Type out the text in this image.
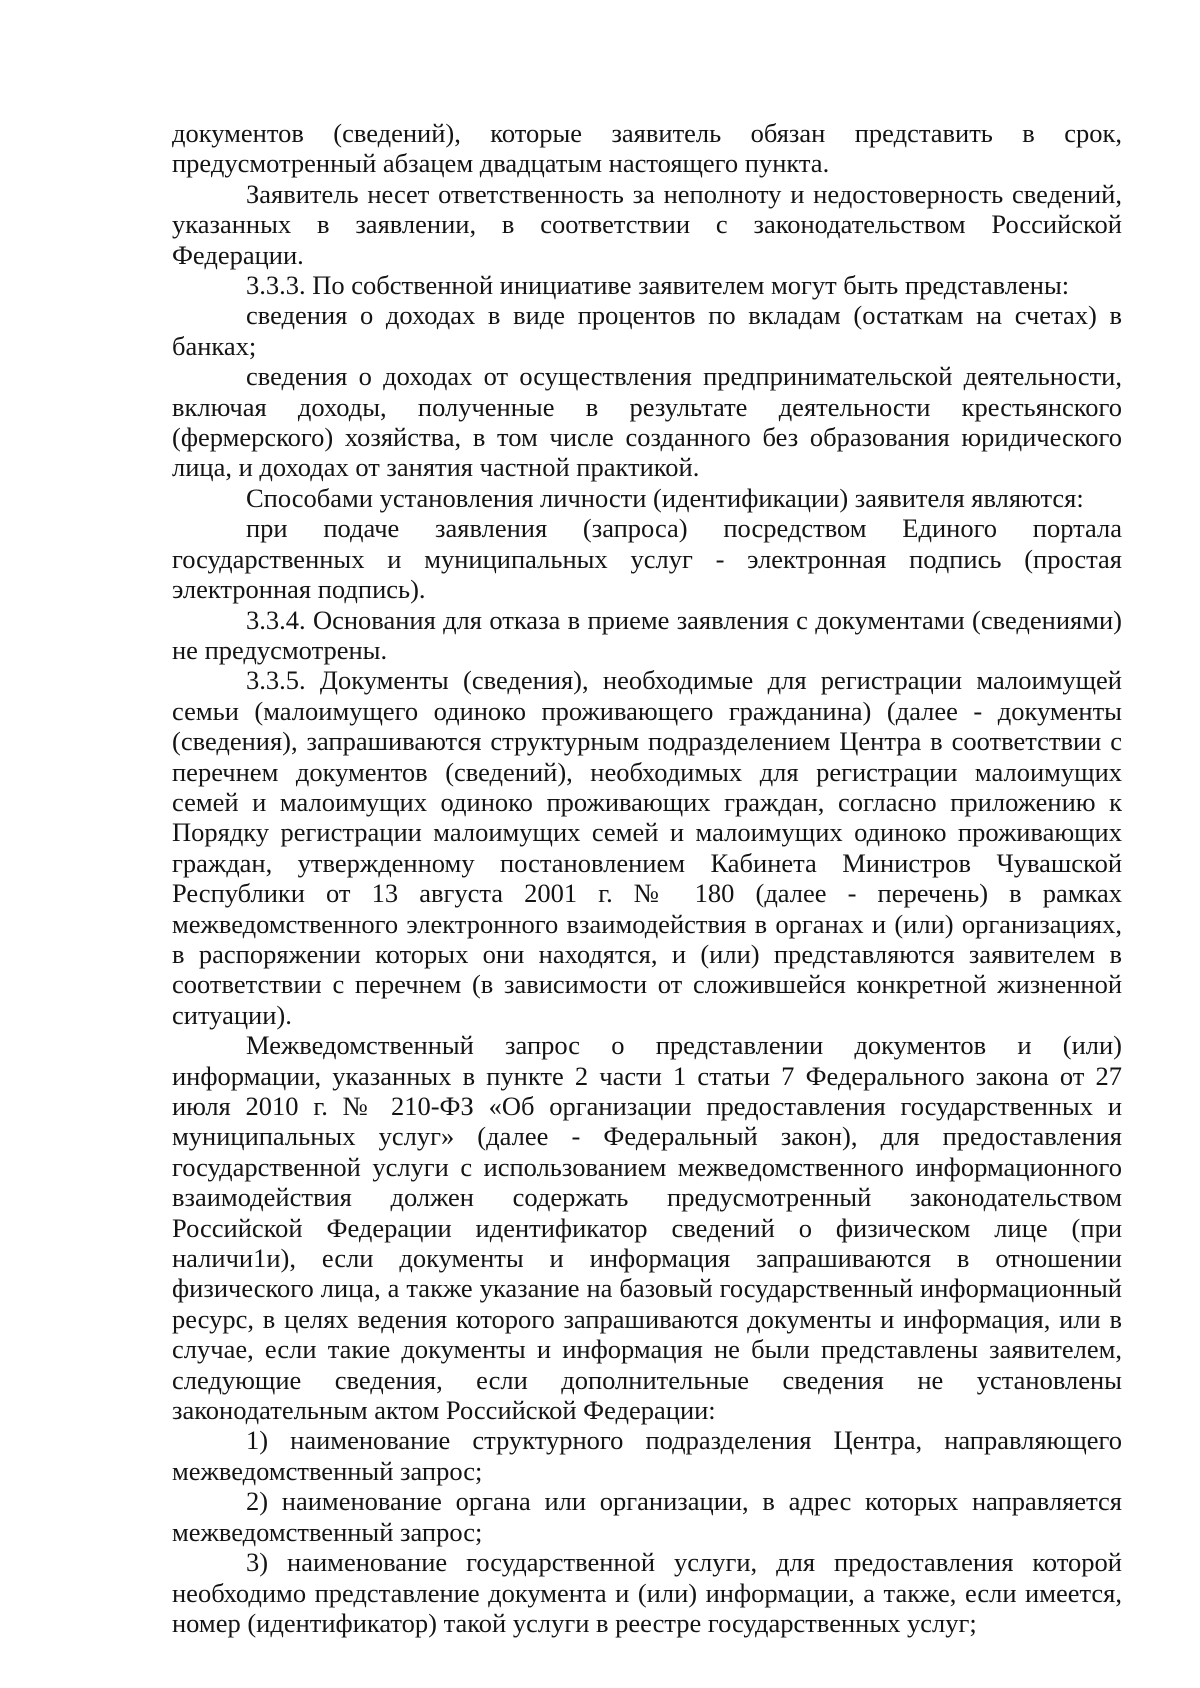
документов (сведений), которые заявитель обязан представить в срок, предусмотренный абзацем двадцатым настоящего пункта.

Заявитель несет ответственность за неполноту и недостоверность сведений, указанных в заявлении, в соответствии с законодательством Российской Федерации.

3.3.3. По собственной инициативе заявителем могут быть представлены:

сведения о доходах в виде процентов по вкладам (остаткам на счетах) в банках;

сведения о доходах от осуществления предпринимательской деятельности, включая доходы, полученные в результате деятельности крестьянского (фермерского) хозяйства, в том числе созданного без образования юридического лица, и доходах от занятия частной практикой.

Способами установления личности (идентификации) заявителя являются:

при подаче заявления (запроса) посредством Единого портала государственных и муниципальных услуг - электронная подпись (простая электронная подпись).

3.3.4. Основания для отказа в приеме заявления с документами (сведениями) не предусмотрены.

3.3.5. Документы (сведения), необходимые для регистрации малоимущей семьи (малоимущего одиноко проживающего гражданина) (далее - документы (сведения), запрашиваются структурным подразделением Центра в соответствии с перечнем документов (сведений), необходимых для регистрации малоимущих семей и малоимущих одиноко проживающих граждан, согласно приложению к Порядку регистрации малоимущих семей и малоимущих одиноко проживающих граждан, утвержденному постановлением Кабинета Министров Чувашской Республики от 13 августа 2001 г. № 180 (далее - перечень) в рамках межведомственного электронного взаимодействия в органах и (или) организациях, в распоряжении которых они находятся, и (или) представляются заявителем в соответствии с перечнем (в зависимости от сложившейся конкретной жизненной ситуации).

Межведомственный запрос о представлении документов и (или) информации, указанных в пункте 2 части 1 статьи 7 Федерального закона от 27 июля 2010 г. № 210-ФЗ «Об организации предоставления государственных и муниципальных услуг» (далее - Федеральный закон), для предоставления государственной услуги с использованием межведомственного информационного взаимодействия должен содержать предусмотренный законодательством Российской Федерации идентификатор сведений о физическом лице (при наличи1и), если документы и информация запрашиваются в отношении физического лица, а также указание на базовый государственный информационный ресурс, в целях ведения которого запрашиваются документы и информация, или в случае, если такие документы и информация не были представлены заявителем, следующие сведения, если дополнительные сведения не установлены законодательным актом Российской Федерации:

1) наименование структурного подразделения Центра, направляющего межведомственный запрос;

2) наименование органа или организации, в адрес которых направляется межведомственный запрос;

3) наименование государственной услуги, для предоставления которой необходимо представление документа и (или) информации, а также, если имеется, номер (идентификатор) такой услуги в реестре государственных услуг;
